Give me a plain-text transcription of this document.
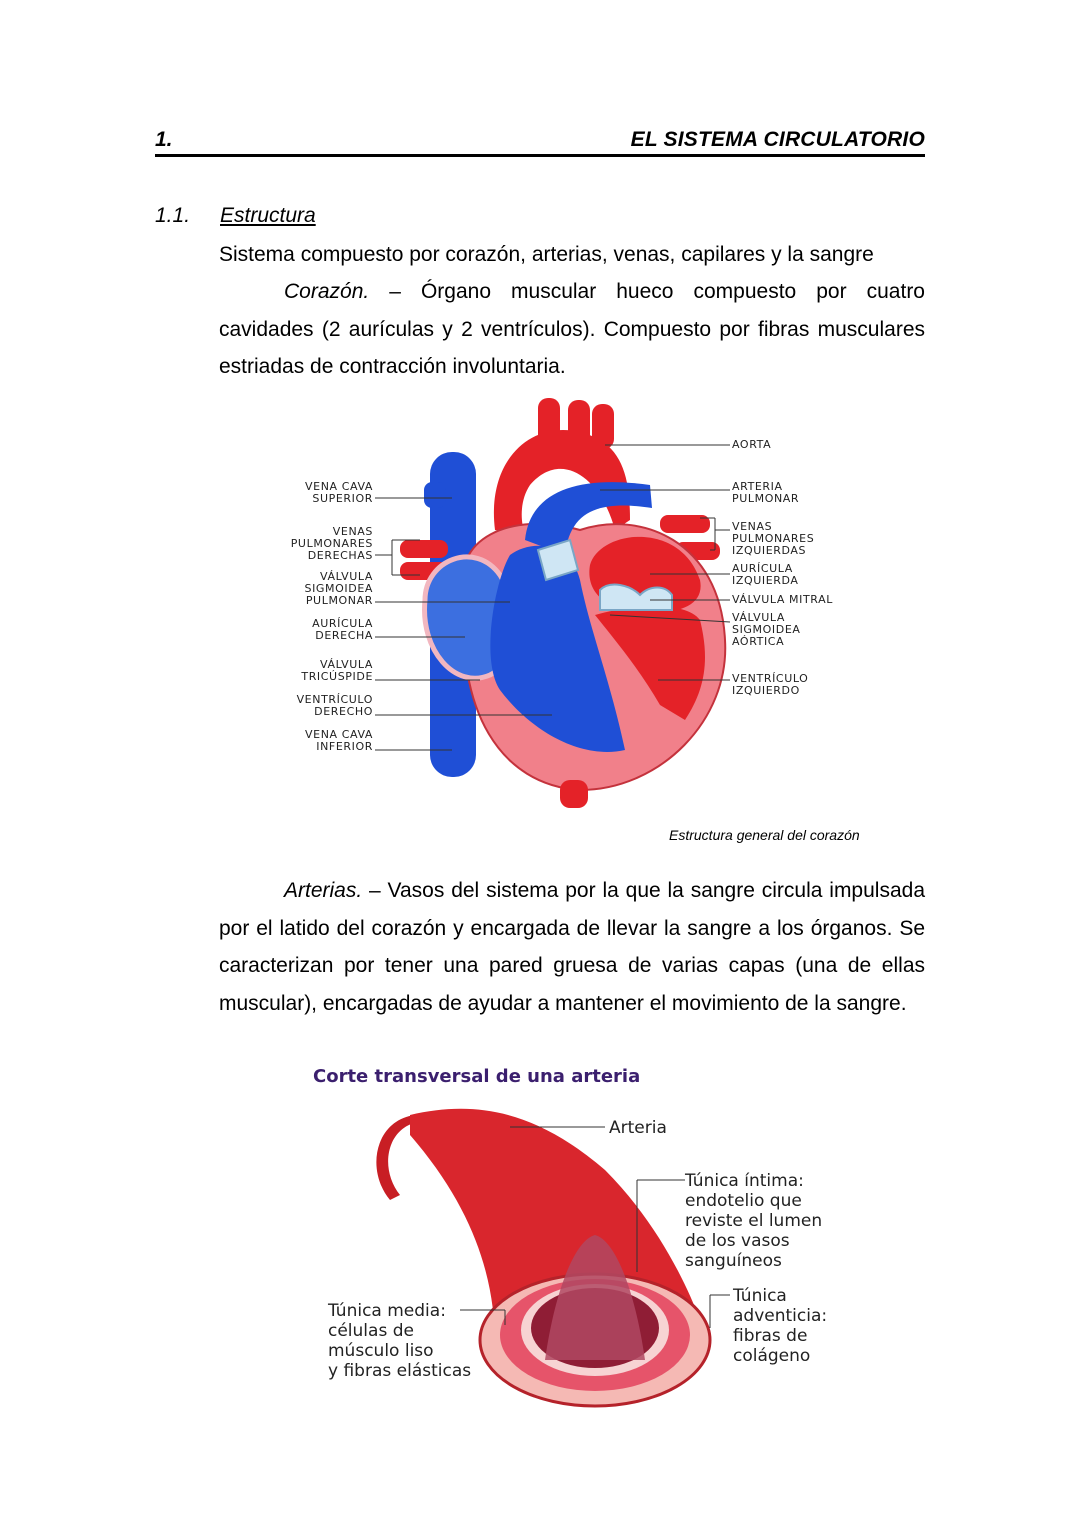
1.	EL SISTEMA CIRCULATORIO
1.1. Estructura
Sistema compuesto por corazón, arterias, venas, capilares y la sangre
Corazón. – Órgano muscular hueco compuesto por cuatro cavidades (2 aurículas y 2 ventrículos). Compuesto por fibras musculares estriadas de contracción involuntaria.
VENA CAVA SUPERIOR
VENAS PULMONARES DERECHAS
VÁLVULA SIGMOIDEA PULMONAR
AURÍCULA DERECHA
VÁLVULA TRICÚSPIDE
VENTRÍCULO DERECHO
VENA CAVA INFERIOR
AORTA
ARTERIA PULMONAR
VENAS PULMONARES IZQUIERDAS
AURÍCULA IZQUIERDA
VÁLVULA MITRAL
VÁLVULA SIGMOIDEA AÓRTICA
VENTRÍCULO IZQUIERDO
Estructura general del corazón
Arterias. – Vasos del sistema por la que la sangre circula impulsada por el latido del corazón y encargada de llevar la sangre a los órganos. Se caracterizan por tener una pared gruesa de varias capas (una de ellas muscular), encargadas de ayudar a mantener el movimiento de la sangre.
Corte transversal de una arteria
Arteria
Túnica íntima: endotelio que reviste el lumen de los vasos sanguíneos
Túnica adventicia: fibras de colágeno
Túnica media: células de músculo liso y fibras elásticas
